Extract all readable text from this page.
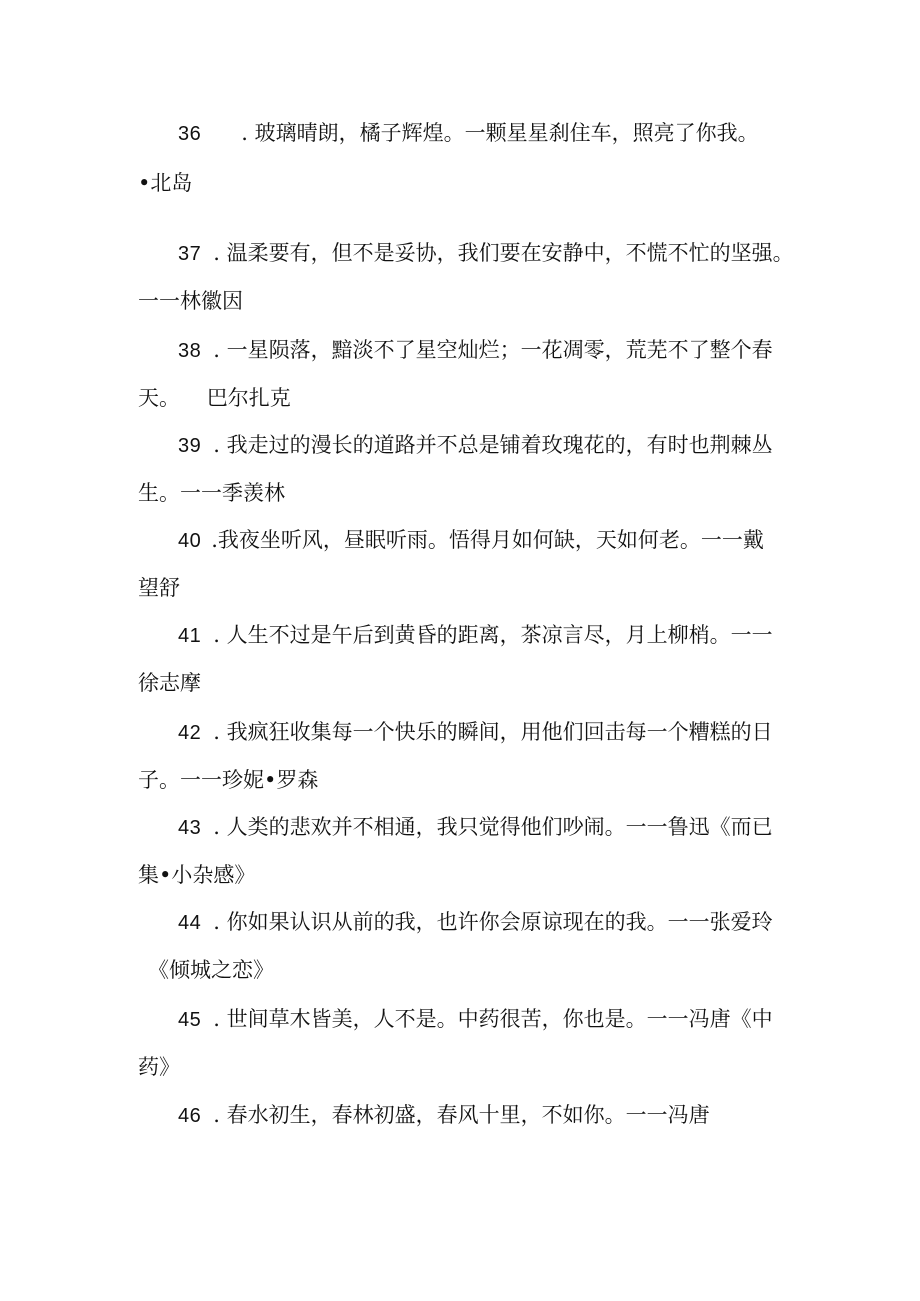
36 . 玻璃晴朗，橘子辉煌。一颗星星刹住车，照亮了你我。
•北岛
37 . 温柔要有，但不是妥协，我们要在安静中，不慌不忙的坚强。
一一林徽因
38 . 一星陨落，黯淡不了星空灿烂；一花凋零，荒芜不了整个春
天。    巴尔扎克
39 . 我走过的漫长的道路并不总是铺着玫瑰花的，有时也荆棘丛
生。一一季羡林
40 .我夜坐听风，昼眠听雨。悟得月如何缺，天如何老。一一戴
望舒
41 . 人生不过是午后到黄昏的距离，茶凉言尽，月上柳梢。一一
徐志摩
42 . 我疯狂收集每一个快乐的瞬间，用他们回击每一个糟糕的日
子。一一珍妮•罗森
43 . 人类的悲欢并不相通，我只觉得他们吵闹。一一鲁迅《而已
集•小杂感》
44 . 你如果认识从前的我，也许你会原谅现在的我。一一张爱玲
《倾城之恋》
45 . 世间草木皆美，人不是。中药很苦，你也是。一一冯唐《中
药》
46 . 春水初生，春林初盛，春风十里，不如你。一一冯唐
